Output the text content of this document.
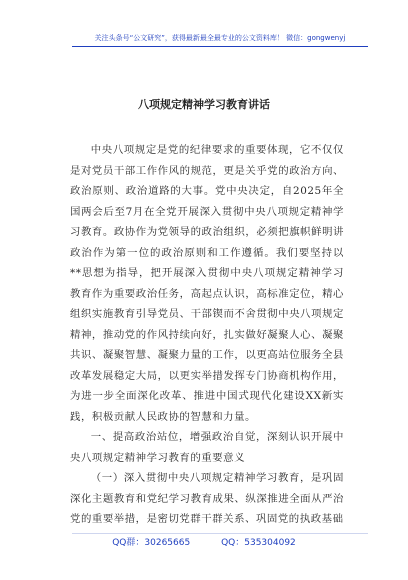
关注头条号“公文研究”，获得最新最全最专业的公文资料库！ 微信：gongwenyj
八项规定精神学习教育讲话

中央八项规定是党的纪律要求的重要体现，它不仅仅是对党员干部工作作风的规范，更是关乎党的政治方向、政治原则、政治道路的大事。党中央决定，自2025年全国两会后至7月在全党开展深入贯彻中央八项规定精神学习教育。政协作为党领导的政治组织，必须把旗帜鲜明讲政治作为第一位的政治原则和工作遵循。我们要坚持以**思想为指导，把开展深入贯彻中央八项规定精神学习教育作为重要政治任务，高起点认识，高标准定位，精心组织实施教育引导党员、干部锲而不舍贯彻中央八项规定精神，推动党的作风持续向好，扎实做好凝聚人心、凝聚共识、凝聚智慧、凝聚力量的工作，以更高站位服务全县改革发展稳定大局，以更实举措发挥专门协商机构作用，为进一步全面深化改革、推进中国式现代化建设XX新实践，积极贡献人民政协的智慧和力量。

一、提高政治站位，增强政治自觉，深刻认识开展中央八项规定精神学习教育的重要意义

（一）深入贯彻中央八项规定精神学习教育，是巩固深化主题教育和党纪学习教育成果、纵深推进全面从严治党的重要举措，是密切党群干群关系、巩固党的执政基础

QQ群：30265665	QQ：535304092
